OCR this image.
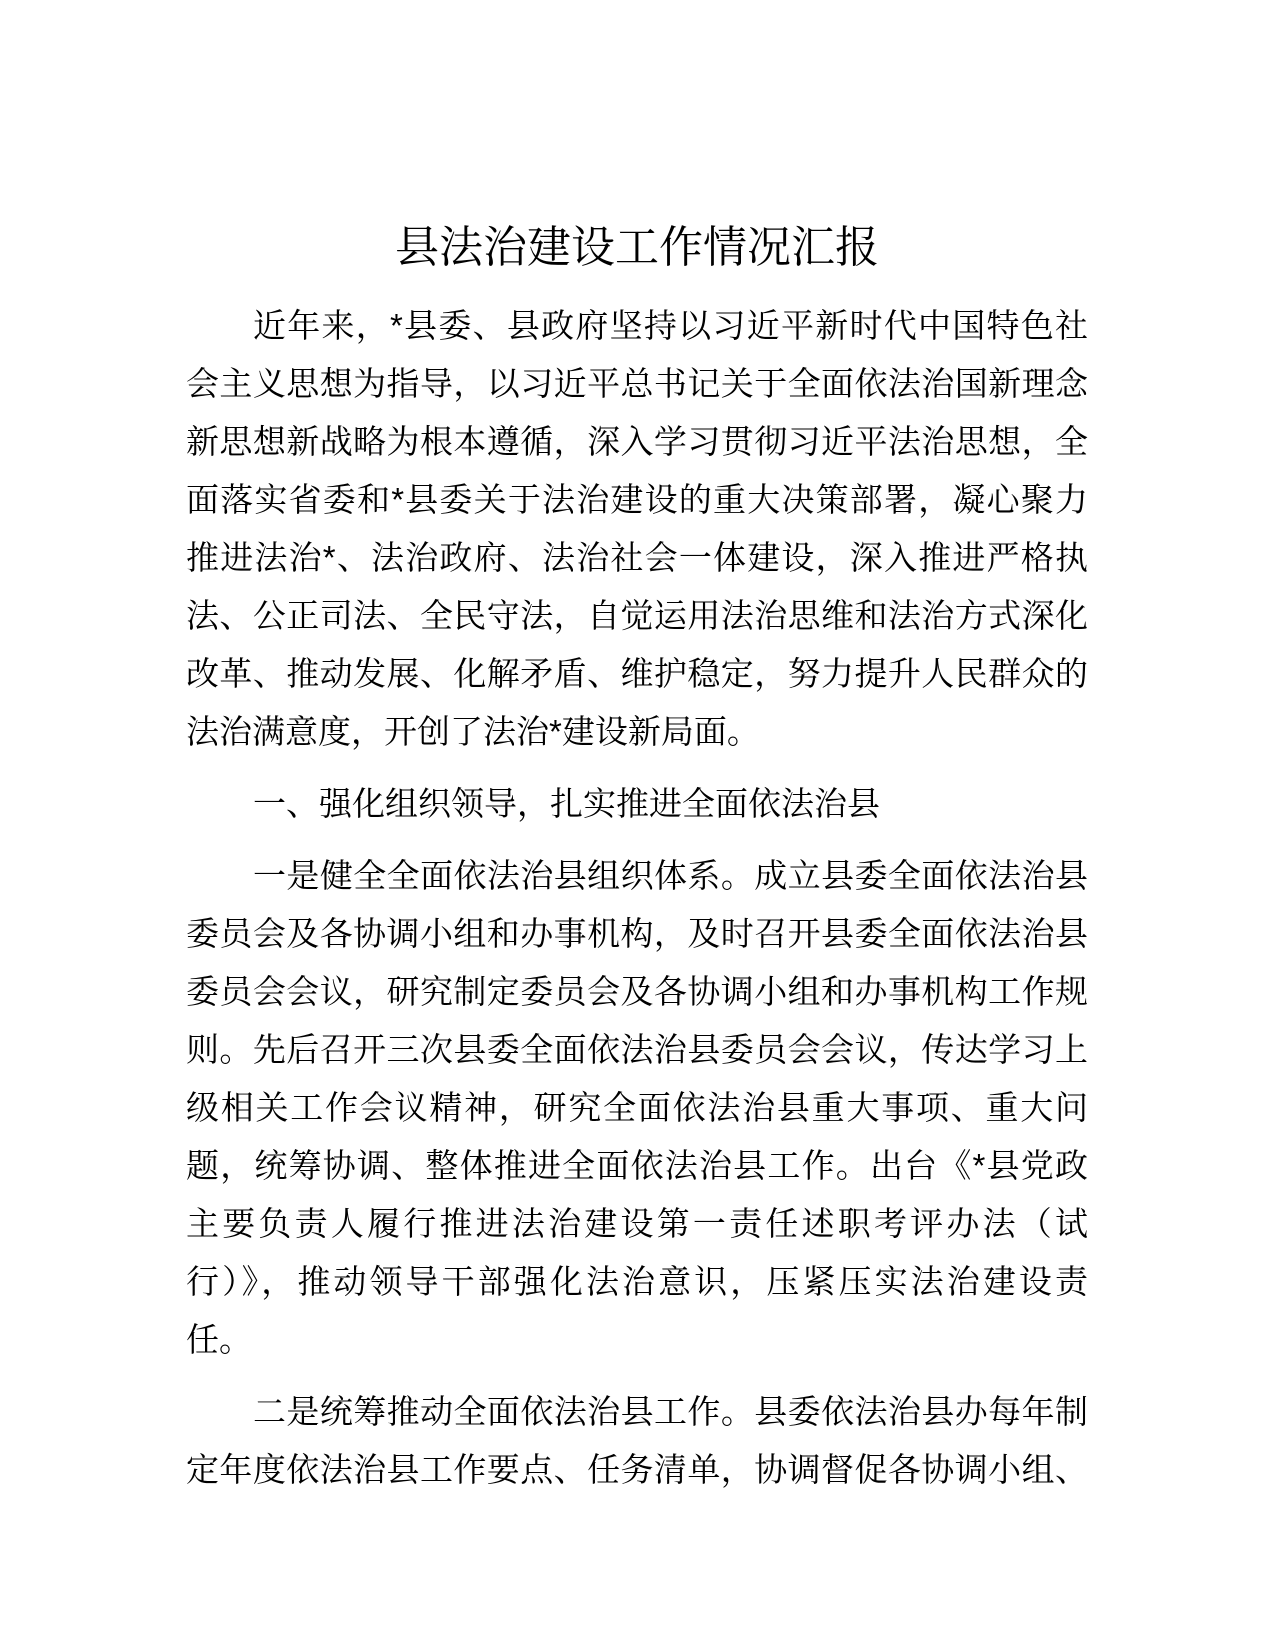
县法治建设工作情况汇报
近年来，*县委、县政府坚持以习近平新时代中国特色社
会主义思想为指导，以习近平总书记关于全面依法治国新理念
新思想新战略为根本遵循，深入学习贯彻习近平法治思想，全
面落实省委和*县委关于法治建设的重大决策部署，凝心聚力
推进法治*、法治政府、法治社会一体建设，深入推进严格执
法、公正司法、全民守法，自觉运用法治思维和法治方式深化
改革、推动发展、化解矛盾、维护稳定，努力提升人民群众的
法治满意度，开创了法治*建设新局面。
一、强化组织领导，扎实推进全面依法治县
一是健全全面依法治县组织体系。成立县委全面依法治县
委员会及各协调小组和办事机构，及时召开县委全面依法治县
委员会会议，研究制定委员会及各协调小组和办事机构工作规
则。先后召开三次县委全面依法治县委员会会议，传达学习上
级相关工作会议精神，研究全面依法治县重大事项、重大问
题，统筹协调、整体推进全面依法治县工作。出台《*县党政
主要负责人履行推进法治建设第一责任述职考评办法（试
行）》，推动领导干部强化法治意识，压紧压实法治建设责
任。
二是统筹推动全面依法治县工作。县委依法治县办每年制
定年度依法治县工作要点、任务清单，协调督促各协调小组、
